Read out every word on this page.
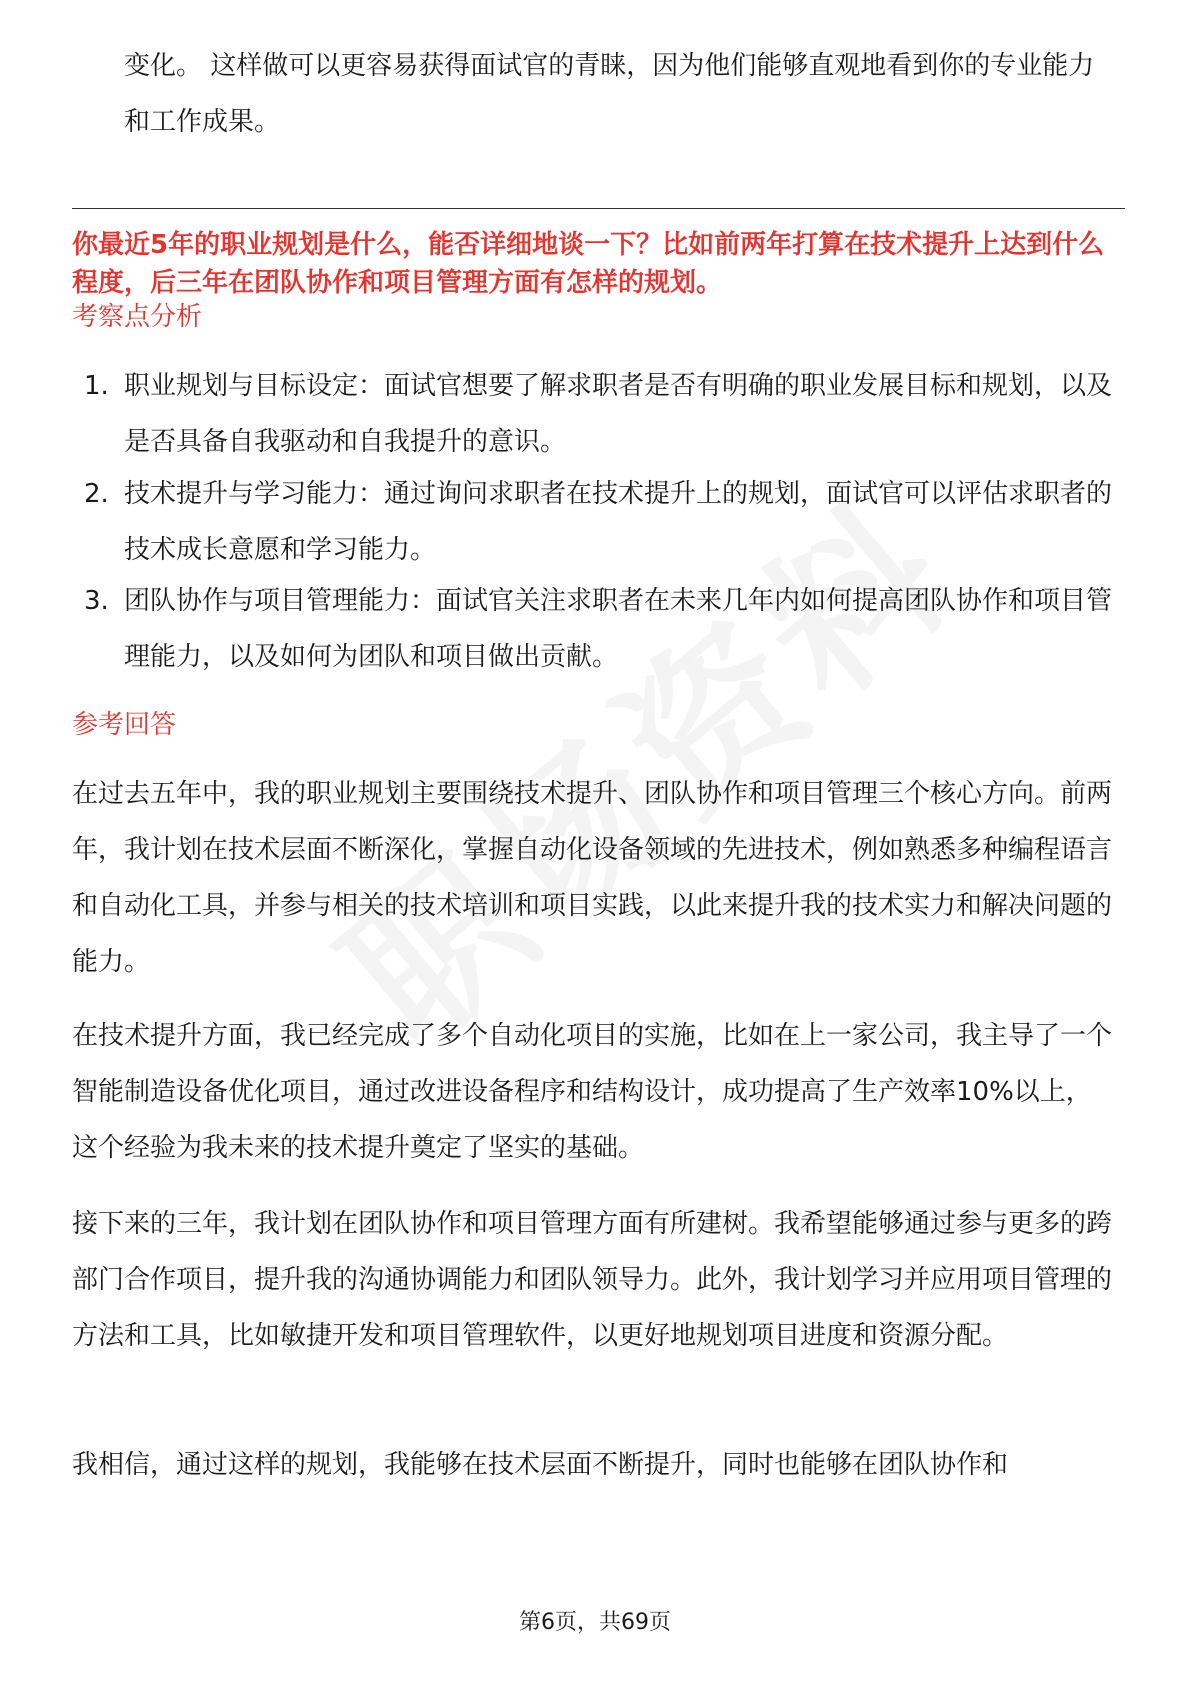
变化。 这样做可以更容易获得面试官的青睐，因为他们能够直观地看到你的专业能力和工作成果。

你最近5年的职业规划是什么，能否详细地谈一下？比如前两年打算在技术提升上达到什么程度，后三年在团队协作和项目管理方面有怎样的规划。

考察点分析
1. 职业规划与目标设定：面试官想要了解求职者是否有明确的职业发展目标和规划，以及是否具备自我驱动和自我提升的意识。
2. 技术提升与学习能力：通过询问求职者在技术提升上的规划，面试官可以评估求职者的技术成长意愿和学习能力。
3. 团队协作与项目管理能力：面试官关注求职者在未来几年内如何提高团队协作和项目管理能力，以及如何为团队和项目做出贡献。
参考回答

在过去五年中，我的职业规划主要围绕技术提升、团队协作和项目管理三个核心方向。前两年，我计划在技术层面不断深化，掌握自动化设备领域的先进技术，例如熟悉多种编程语言和自动化工具，并参与相关的技术培训和项目实践，以此来提升我的技术实力和解决问题的能力。

在技术提升方面，我已经完成了多个自动化项目的实施，比如在上一家公司，我主导了一个智能制造设备优化项目，通过改进设备程序和结构设计，成功提高了生产效率10%以上，这个经验为我未来的技术提升奠定了坚实的基础。

接下来的三年，我计划在团队协作和项目管理方面有所建树。我希望能够通过参与更多的跨部门合作项目，提升我的沟通协调能力和团队领导力。此外，我计划学习并应用项目管理的方法和工具，比如敏捷开发和项目管理软件，以更好地规划项目进度和资源分配。

我相信，通过这样的规划，我能够在技术层面不断提升，同时也能够在团队协作和

第6页，共69页
